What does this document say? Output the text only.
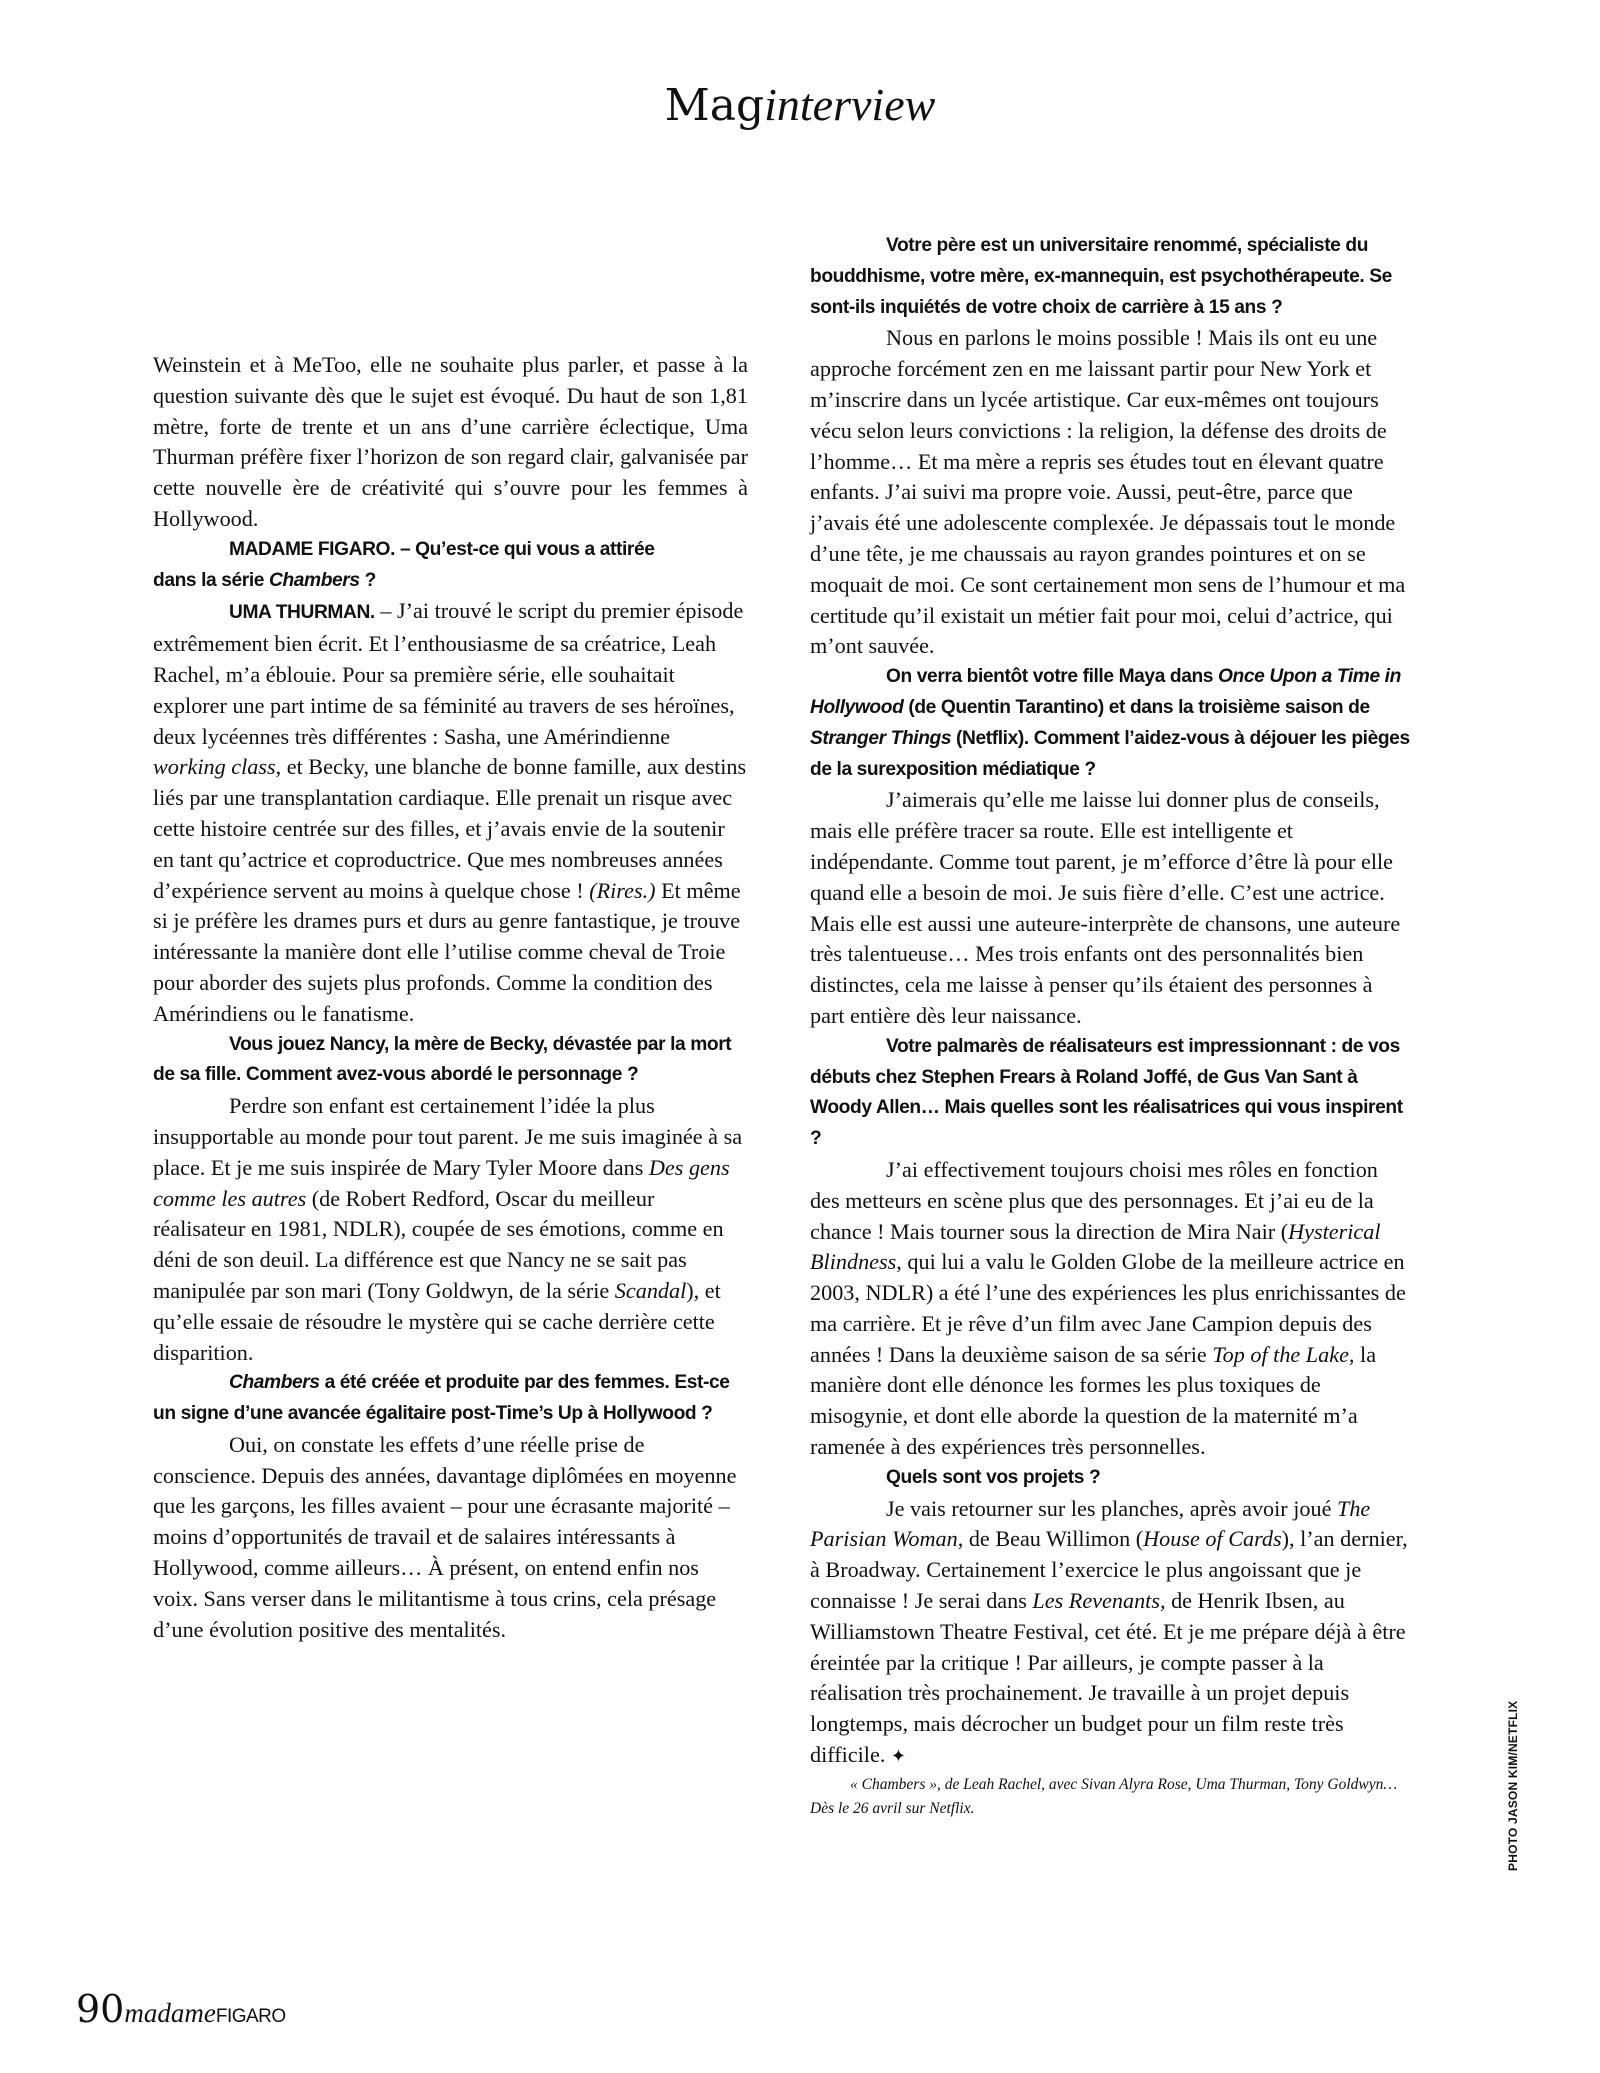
Maginterview

Weinstein et à MeToo, elle ne souhaite plus parler, et passe à la question suivante dès que le sujet est évoqué. Du haut de son 1,81 mètre, forte de trente et un ans d’une carrière éclectique, Uma Thurman préfère fixer l’horizon de son regard clair, galvanisée par cette nouvelle ère de créativité qui s’ouvre pour les femmes à Hollywood.

MADAME FIGARO. – Qu’est-ce qui vous a attirée
dans la série Chambers ?

UMA THURMAN. – J’ai trouvé le script du premier épisode extrêmement bien écrit. Et l’enthousiasme de sa créatrice, Leah Rachel, m’a éblouie. Pour sa première série, elle souhaitait explorer une part intime de sa féminité au travers de ses héroïnes, deux lycéennes très différentes : Sasha, une Amérindienne working class, et Becky, une blanche de bonne famille, aux destins liés par une transplantation cardiaque. Elle prenait un risque avec cette histoire centrée sur des filles, et j’avais envie de la soutenir en tant qu’actrice et coproductrice. Que mes nombreuses années d’expérience servent au moins à quelque chose ! (Rires.) Et même si je préfère les drames purs et durs au genre fantastique, je trouve intéressante la manière dont elle l’utilise comme cheval de Troie pour aborder des sujets plus profonds. Comme la condition des Amérindiens ou le fanatisme.

Vous jouez Nancy, la mère de Becky, dévastée par la mort de sa fille. Comment avez-vous abordé le personnage ?

Perdre son enfant est certainement l’idée la plus insupportable au monde pour tout parent. Je me suis imaginée à sa place. Et je me suis inspirée de Mary Tyler Moore dans Des gens comme les autres (de Robert Redford, Oscar du meilleur réalisateur en 1981, NDLR), coupée de ses émotions, comme en déni de son deuil. La différence est que Nancy ne se sait pas manipulée par son mari (Tony Goldwyn, de la série Scandal), et qu’elle essaie de résoudre le mystère qui se cache derrière cette disparition.

Chambers a été créée et produite par des femmes. Est-ce un signe d’une avancée égalitaire post-Time’s Up à Hollywood ?

Oui, on constate les effets d’une réelle prise de conscience. Depuis des années, davantage diplômées en moyenne que les garçons, les filles avaient – pour une écrasante majorité – moins d’opportunités de travail et de salaires intéressants à Hollywood, comme ailleurs… À présent, on entend enfin nos voix. Sans verser dans le militantisme à tous crins, cela présage d’une évolution positive des mentalités.

Votre père est un universitaire renommé, spécialiste du bouddhisme, votre mère, ex-mannequin, est psychothérapeute. Se sont-ils inquiétés de votre choix de carrière à 15 ans ?

Nous en parlons le moins possible ! Mais ils ont eu une approche forcément zen en me laissant partir pour New York et m’inscrire dans un lycée artistique. Car eux-mêmes ont toujours vécu selon leurs convictions : la religion, la défense des droits de l’homme… Et ma mère a repris ses études tout en élevant quatre enfants. J’ai suivi ma propre voie. Aussi, peut-être, parce que j’avais été une adolescente complexée. Je dépassais tout le monde d’une tête, je me chaussais au rayon grandes pointures et on se moquait de moi. Ce sont certainement mon sens de l’humour et ma certitude qu’il existait un métier fait pour moi, celui d’actrice, qui m’ont sauvée.

On verra bientôt votre fille Maya dans Once Upon a Time in Hollywood (de Quentin Tarantino) et dans la troisième saison de Stranger Things (Netflix). Comment l’aidez-vous à déjouer les pièges de la surexposition médiatique ?

J’aimerais qu’elle me laisse lui donner plus de conseils, mais elle préfère tracer sa route. Elle est intelligente et indépendante. Comme tout parent, je m’efforce d’être là pour elle quand elle a besoin de moi. Je suis fière d’elle. C’est une actrice. Mais elle est aussi une auteure-interprète de chansons, une auteure très talentueuse… Mes trois enfants ont des personnalités bien distinctes, cela me laisse à penser qu’ils étaient des personnes à part entière dès leur naissance.

Votre palmarès de réalisateurs est impressionnant : de vos débuts chez Stephen Frears à Roland Joffé, de Gus Van Sant à Woody Allen… Mais quelles sont les réalisatrices qui vous inspirent ?

J’ai effectivement toujours choisi mes rôles en fonction des metteurs en scène plus que des personnages. Et j’ai eu de la chance ! Mais tourner sous la direction de Mira Nair (Hysterical Blindness, qui lui a valu le Golden Globe de la meilleure actrice en 2003, NDLR) a été l’une des expériences les plus enrichissantes de ma carrière. Et je rêve d’un film avec Jane Campion depuis des années ! Dans la deuxième saison de sa série Top of the Lake, la manière dont elle dénonce les formes les plus toxiques de misogynie, et dont elle aborde la question de la maternité m’a ramenée à des expériences très personnelles.

Quels sont vos projets ?

Je vais retourner sur les planches, après avoir joué The Parisian Woman, de Beau Willimon (House of Cards), l’an dernier, à Broadway. Certainement l’exercice le plus angoissant que je connaisse ! Je serai dans Les Revenants, de Henrik Ibsen, au Williamstown Theatre Festival, cet été. Et je me prépare déjà à être éreintée par la critique ! Par ailleurs, je compte passer à la réalisation très prochainement. Je travaille à un projet depuis longtemps, mais décrocher un budget pour un film reste très difficile. ✦

« Chambers », de Leah Rachel, avec Sivan Alyra Rose, Uma Thurman, Tony Goldwyn… Dès le 26 avril sur Netflix.	PHOTO JASON KIM/NETFLIX
90madameFIGARO
